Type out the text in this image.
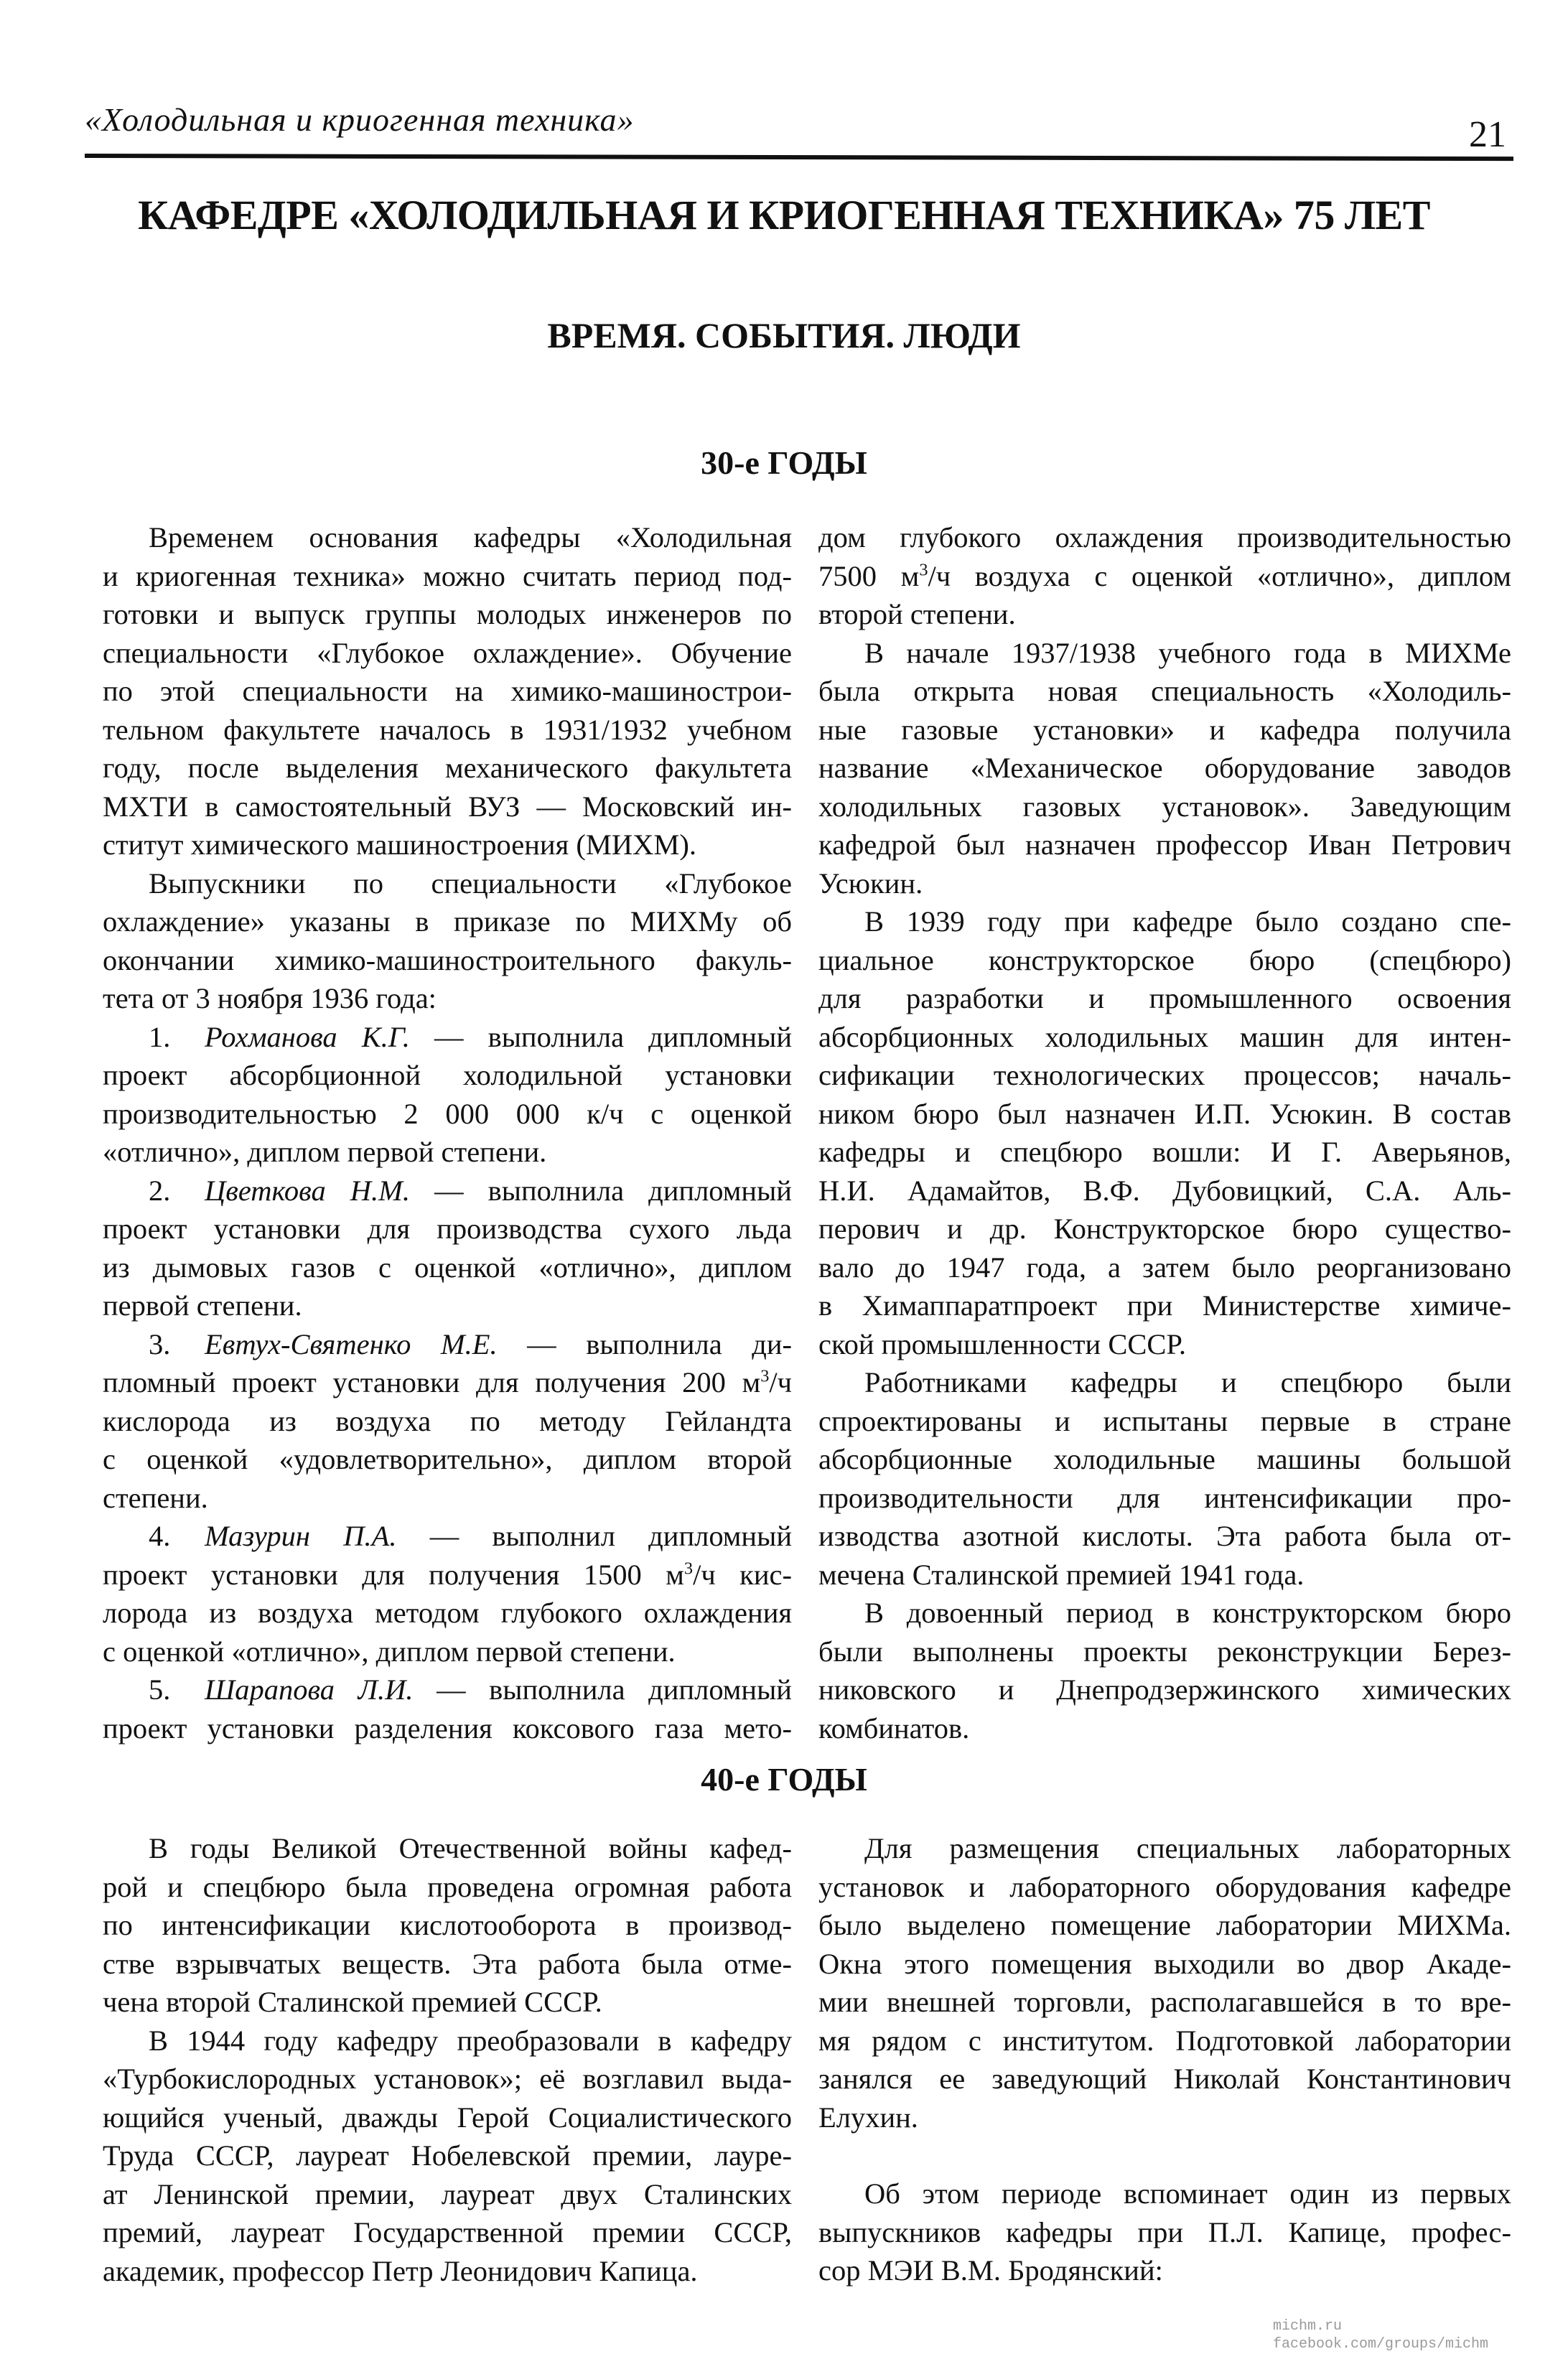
«Холодильная и криогенная техника»	21
КАФЕДРЕ «ХОЛОДИЛЬНАЯ И КРИОГЕННАЯ ТЕХНИКА» 75 ЛЕТ
ВРЕМЯ. СОБЫТИЯ. ЛЮДИ
30-е ГОДЫ
Временем основания кафедры «Холодильная
и криогенная техника» можно считать период под-
готовки и выпуск группы молодых инженеров по
специальности «Глубокое охлаждение». Обучение
по этой специальности на химико-машинострои-
тельном факультете началось в 1931/1932 учебном
году, после выделения механического факультета
МХТИ в самостоятельный ВУЗ — Московский ин-
ститут химического машиностроения (МИХМ).
Выпускники по специальности «Глубокое
охлаждение» указаны в приказе по МИХМу об
окончании химико-машиностроительного факуль-
тета от 3 ноября 1936 года:
1. Рохманова К.Г. — выполнила дипломный
проект абсорбционной холодильной установки
производительностью 2 000 000 к/ч с оценкой
«отлично», диплом первой степени.
2. Цветкова Н.М. — выполнила дипломный
проект установки для производства сухого льда
из дымовых газов с оценкой «отлично», диплом
первой степени.
3. Евтух-Святенко М.Е. — выполнила ди-
пломный проект установки для получения 200 $м^3/ч$
кислорода из воздуха по методу Гейландта
с оценкой «удовлетворительно», диплом второй
степени.
4. Мазурин П.А. — выполнил дипломный
проект установки для получения 1500 $м^3/ч$ кис-
лорода из воздуха методом глубокого охлаждения
с оценкой «отлично», диплом первой степени.
5. Шарапова Л.И. — выполнила дипломный
проект установки разделения коксового газа мето-
дом глубокого охлаждения производительностью
7500 $м^3/ч$ воздуха с оценкой «отлично», диплом
второй степени.
В начале 1937/1938 учебного года в МИХМе
была открыта новая специальность «Холодиль-
ные газовые установки» и кафедра получила
название «Механическое оборудование заводов
холодильных газовых установок». Заведующим
кафедрой был назначен профессор Иван Петрович
Усюкин.
В 1939 году при кафедре было создано спе-
циальное конструкторское бюро (спецбюро)
для разработки и промышленного освоения
абсорбционных холодильных машин для интен-
сификации технологических процессов; началь-
ником бюро был назначен И.П. Усюкин. В состав
кафедры и спецбюро вошли: И Г. Аверьянов,
Н.И. Адамайтов, В.Ф. Дубовицкий, С.А. Аль-
перович и др. Конструкторское бюро существо-
вало до 1947 года, а затем было реорганизовано
в Химаппаратпроект при Министерстве химиче-
ской промышленности СССР.
Работниками кафедры и спецбюро были
спроектированы и испытаны первые в стране
абсорбционные холодильные машины большой
производительности для интенсификации про-
изводства азотной кислоты. Эта работа была от-
мечена Сталинской премией 1941 года.
В довоенный период в конструкторском бюро
были выполнены проекты реконструкции Берез-
никовского и Днепродзержинского химических
комбинатов.
40-е ГОДЫ
В годы Великой Отечественной войны кафед-
рой и спецбюро была проведена огромная работа
по интенсификации кислотооборота в производ-
стве взрывчатых веществ. Эта работа была отме-
чена второй Сталинской премией СССР.
В 1944 году кафедру преобразовали в кафедру
«Турбокислородных установок»; её возглавил выда-
ющийся ученый, дважды Герой Социалистического
Труда СССР, лауреат Нобелевской премии, лауре-
ат Ленинской премии, лауреат двух Сталинских
премий, лауреат Государственной премии СССР,
академик, профессор Петр Леонидович Капица.
Для размещения специальных лабораторных
установок и лабораторного оборудования кафедре
было выделено помещение лаборатории МИХМа.
Окна этого помещения выходили во двор Акаде-
мии внешней торговли, располагавшейся в то вре-
мя рядом с институтом. Подготовкой лаборатории
занялся ее заведующий Николай Константинович
Елухин.
Об этом периоде вспоминает один из первых
выпускников кафедры при П.Л. Капице, профес-
сор МЭИ В.М. Бродянский:
michm.ru
facebook.com/groups/michm
